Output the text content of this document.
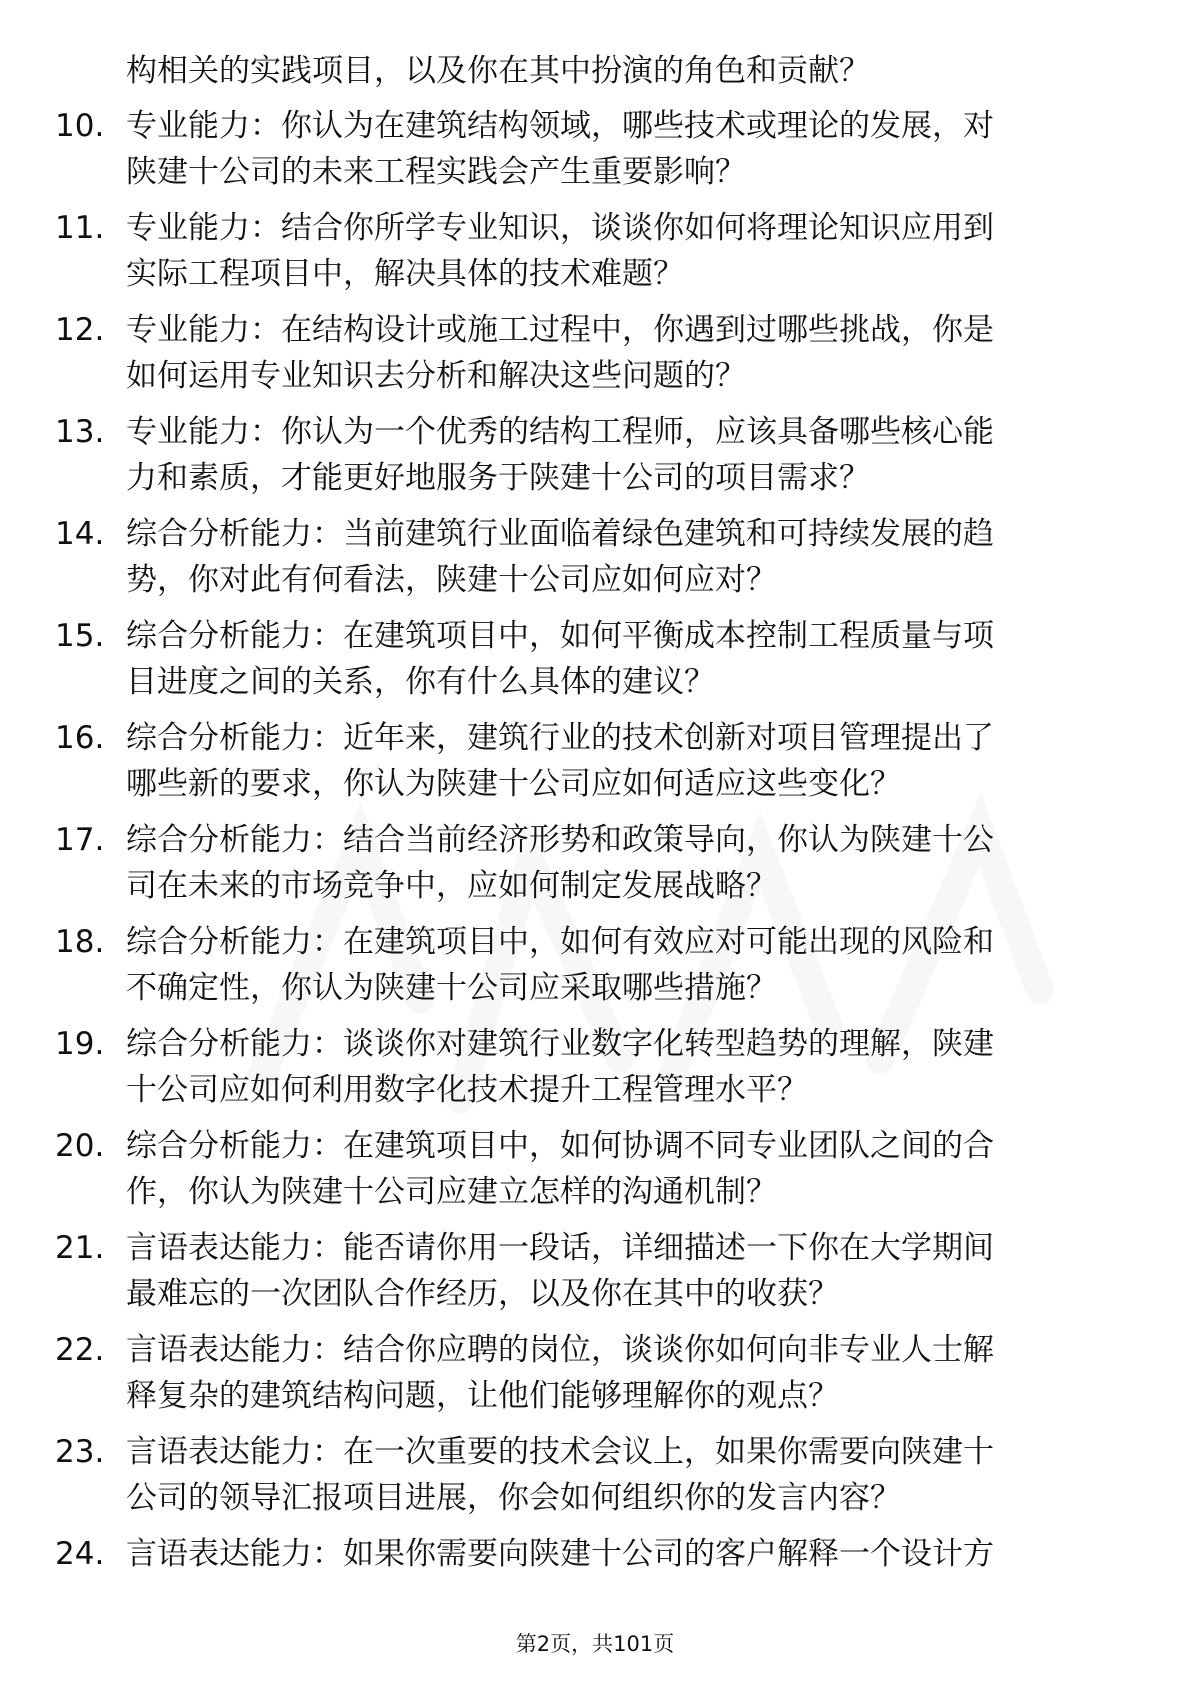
构相关的实践项目，以及你在其中扮演的角色和贡献？
10. 专业能力：你认为在建筑结构领域，哪些技术或理论的发展，对
陕建十公司的未来工程实践会产生重要影响？
11. 专业能力：结合你所学专业知识，谈谈你如何将理论知识应用到
实际工程项目中，解决具体的技术难题？
12. 专业能力：在结构设计或施工过程中，你遇到过哪些挑战，你是
如何运用专业知识去分析和解决这些问题的？
13. 专业能力：你认为一个优秀的结构工程师，应该具备哪些核心能
力和素质，才能更好地服务于陕建十公司的项目需求？
14. 综合分析能力：当前建筑行业面临着绿色建筑和可持续发展的趋
势，你对此有何看法，陕建十公司应如何应对？
15. 综合分析能力：在建筑项目中，如何平衡成本控制工程质量与项
目进度之间的关系，你有什么具体的建议？
16. 综合分析能力：近年来，建筑行业的技术创新对项目管理提出了
哪些新的要求，你认为陕建十公司应如何适应这些变化？
17. 综合分析能力：结合当前经济形势和政策导向，你认为陕建十公
司在未来的市场竞争中，应如何制定发展战略？
18. 综合分析能力：在建筑项目中，如何有效应对可能出现的风险和
不确定性，你认为陕建十公司应采取哪些措施？
19. 综合分析能力：谈谈你对建筑行业数字化转型趋势的理解，陕建
十公司应如何利用数字化技术提升工程管理水平？
20. 综合分析能力：在建筑项目中，如何协调不同专业团队之间的合
作，你认为陕建十公司应建立怎样的沟通机制？
21. 言语表达能力：能否请你用一段话，详细描述一下你在大学期间
最难忘的一次团队合作经历，以及你在其中的收获？
22. 言语表达能力：结合你应聘的岗位，谈谈你如何向非专业人士解
释复杂的建筑结构问题，让他们能够理解你的观点？
23. 言语表达能力：在一次重要的技术会议上，如果你需要向陕建十
公司的领导汇报项目进展，你会如何组织你的发言内容？
24. 言语表达能力：如果你需要向陕建十公司的客户解释一个设计方
第2页，共101页
